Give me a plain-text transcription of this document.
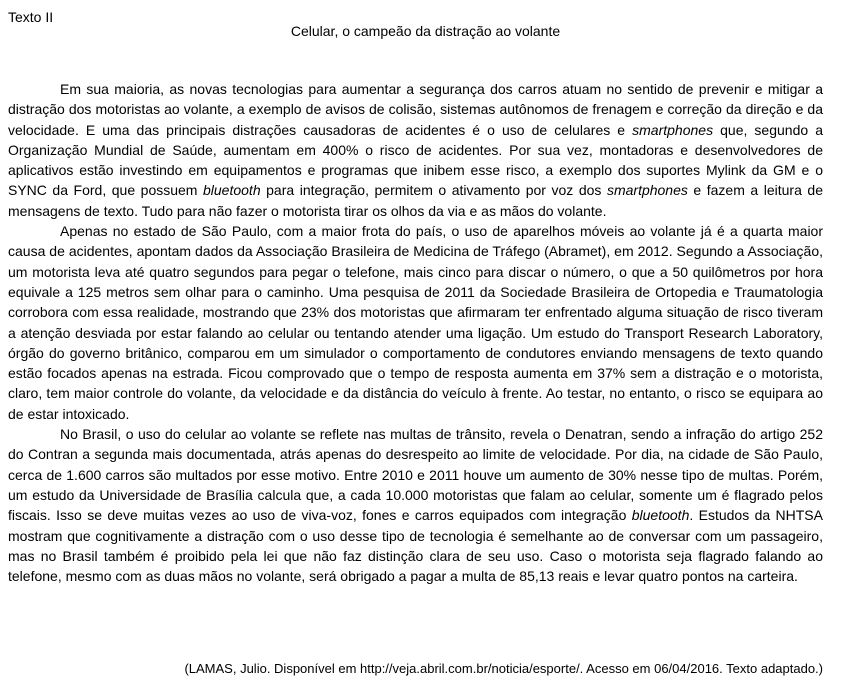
Texto II

Celular, o campeão da distração ao volante

Em sua maioria, as novas tecnologias para aumentar a segurança dos carros atuam no sentido de prevenir e mitigar a distração dos motoristas ao volante, a exemplo de avisos de colisão, sistemas autônomos de frenagem e correção da direção e da velocidade. E uma das principais distrações causadoras de acidentes é o uso de celulares e smartphones que, segundo a Organização Mundial de Saúde, aumentam em 400% o risco de acidentes. Por sua vez, montadoras e desenvolvedores de aplicativos estão investindo em equipamentos e programas que inibem esse risco, a exemplo dos suportes Mylink da GM e o SYNC da Ford, que possuem bluetooth para integração, permitem o ativamento por voz dos smartphones e fazem a leitura de mensagens de texto. Tudo para não fazer o motorista tirar os olhos da via e as mãos do volante.

Apenas no estado de São Paulo, com a maior frota do país, o uso de aparelhos móveis ao volante já é a quarta maior causa de acidentes, apontam dados da Associação Brasileira de Medicina de Tráfego (Abramet), em 2012. Segundo a Associação, um motorista leva até quatro segundos para pegar o telefone, mais cinco para discar o número, o que a 50 quilômetros por hora equivale a 125 metros sem olhar para o caminho. Uma pesquisa de 2011 da Sociedade Brasileira de Ortopedia e Traumatologia corrobora com essa realidade, mostrando que 23% dos motoristas que afirmaram ter enfrentado alguma situação de risco tiveram a atenção desviada por estar falando ao celular ou tentando atender uma ligação. Um estudo do Transport Research Laboratory, órgão do governo britânico, comparou em um simulador o comportamento de condutores enviando mensagens de texto quando estão focados apenas na estrada. Ficou comprovado que o tempo de resposta aumenta em 37% sem a distração e o motorista, claro, tem maior controle do volante, da velocidade e da distância do veículo à frente. Ao testar, no entanto, o risco se equipara ao de estar intoxicado.

No Brasil, o uso do celular ao volante se reflete nas multas de trânsito, revela o Denatran, sendo a infração do artigo 252 do Contran a segunda mais documentada, atrás apenas do desrespeito ao limite de velocidade. Por dia, na cidade de São Paulo, cerca de 1.600 carros são multados por esse motivo. Entre 2010 e 2011 houve um aumento de 30% nesse tipo de multas. Porém, um estudo da Universidade de Brasília calcula que, a cada 10.000 motoristas que falam ao celular, somente um é flagrado pelos fiscais. Isso se deve muitas vezes ao uso de viva-voz, fones e carros equipados com integração bluetooth. Estudos da NHTSA mostram que cognitivamente a distração com o uso desse tipo de tecnologia é semelhante ao de conversar com um passageiro, mas no Brasil também é proibido pela lei que não faz distinção clara de seu uso. Caso o motorista seja flagrado falando ao telefone, mesmo com as duas mãos no volante, será obrigado a pagar a multa de 85,13 reais e levar quatro pontos na carteira.

(LAMAS, Julio. Disponível em http://veja.abril.com.br/noticia/esporte/. Acesso em 06/04/2016. Texto adaptado.)
